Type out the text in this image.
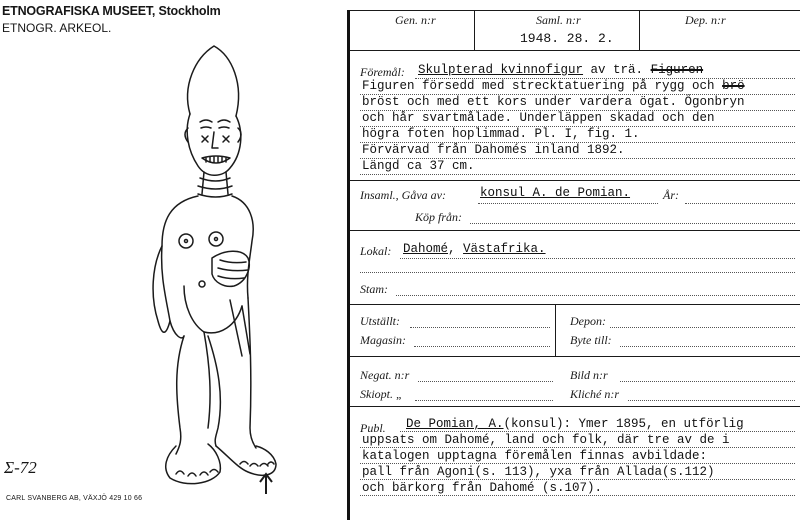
ETNOGRAFISKA MUSEET, Stockholm
ETNOGR. ARKEOL.
Σ-72
CARL SVANBERG AB, VÄXJÖ 429 10 66
Gen. n:r	Saml. n:r
1948. 28. 2.
Dep. n:r
Föremål: Skulpterad kvinnofigur av trä. Figuren
Figuren försedd med strecktatuering på rygg och brö
bröst och med ett kors under vardera ögat. Ögonbryn
och hår svartmålade. Underläppen skadad och den
högra foten hoplimmad. Pl. I, fig. 1.
Förvärvad från Dahomés inland 1892.
Längd ca 37 cm.
Insaml., Gåva av:	konsul A. de Pomian.	År:
Köp från:
Lokal: Dahomé, Västafrika.
Stam:
Utställt:	Depon:
Magasin:	Byte till:
Negat. n:r	Bild n:r
Skiopt. „	Kliché n:r
Publ. De Pomian, A.(konsul): Ymer 1895, en utförlig
uppsats om Dahomé, land och folk, där tre av de i
katalogen upptagna föremålen finnas avbildade:
pall från Agoni(s. 113), yxa från Allada(s.112)
och bärkorg från Dahomé (s.107).
